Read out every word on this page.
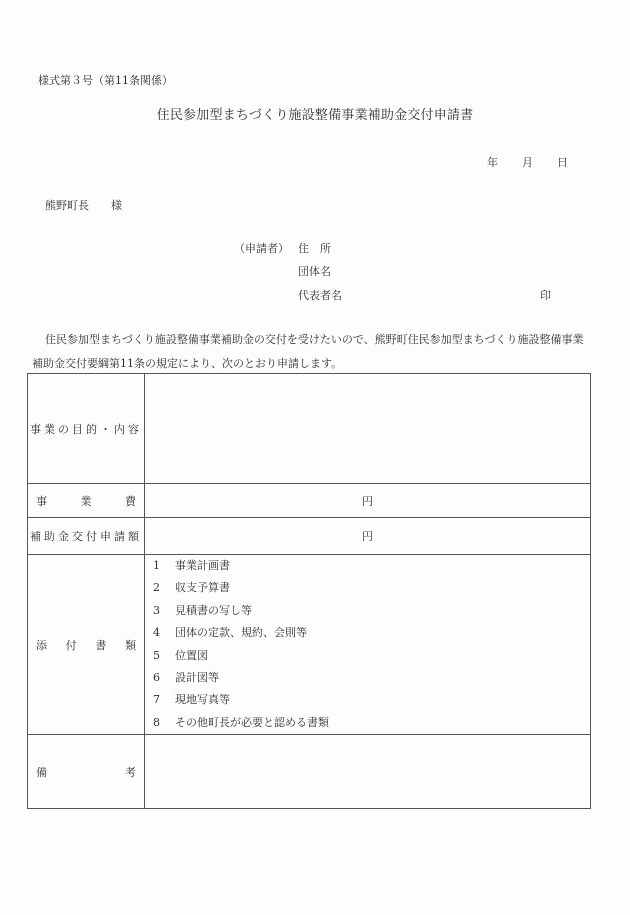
様式第３号（第11条関係）
住民参加型まちづくり施設整備事業補助金交付申請書
年 月 日
熊野町長　　様
（申請者） 住　所
団体名
代表者名	印
住民参加型まちづくり施設整備事業補助金の交付を受けたいので、熊野町住民参加型まちづくり施設整備事業補助金交付要綱第11条の規定により、次のとおり申請します。
事業の目的・内容	
事 業 費	円
補助金交付申請額	円
添 付 書 類	
1	事業計画書
2	収支予算書
3	見積書の写し等
4	団体の定款、規約、会則等
5	位置図
6	設計図等
7	現地写真等
8	その他町長が必要と認める書類

備 考	
